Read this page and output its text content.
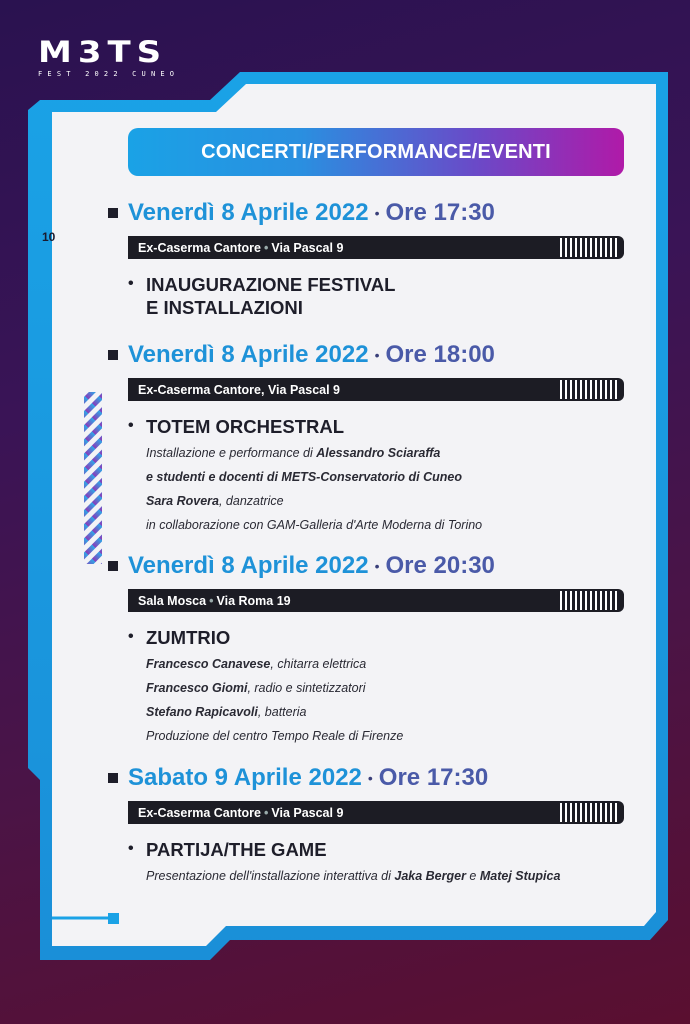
M3TS
FEST 2022 CUNEO
10
CONCERTI/PERFORMANCE/EVENTI
Venerdì 8 Aprile 2022 • Ore 17:30
Ex-Caserma Cantore • Via Pascal 9
• INAUGURAZIONE FESTIVAL
E INSTALLAZIONI
Venerdì 8 Aprile 2022 • Ore 18:00
Ex-Caserma Cantore, Via Pascal 9
• TOTEM ORCHESTRAL
Installazione e performance di Alessandro Sciaraffa
e studenti e docenti di METS-Conservatorio di Cuneo
Sara Rovera, danzatrice
in collaborazione con GAM-Galleria d'Arte Moderna di Torino
Venerdì 8 Aprile 2022 • Ore 20:30
Sala Mosca • Via Roma 19
• ZUMTRIO
Francesco Canavese, chitarra elettrica
Francesco Giomi, radio e sintetizzatori
Stefano Rapicavoli, batteria
Produzione del centro Tempo Reale di Firenze
Sabato 9 Aprile 2022 • Ore 17:30
Ex-Caserma Cantore • Via Pascal 9
• PARTIJA/THE GAME
Presentazione dell'installazione interattiva di Jaka Berger e Matej Stupica
